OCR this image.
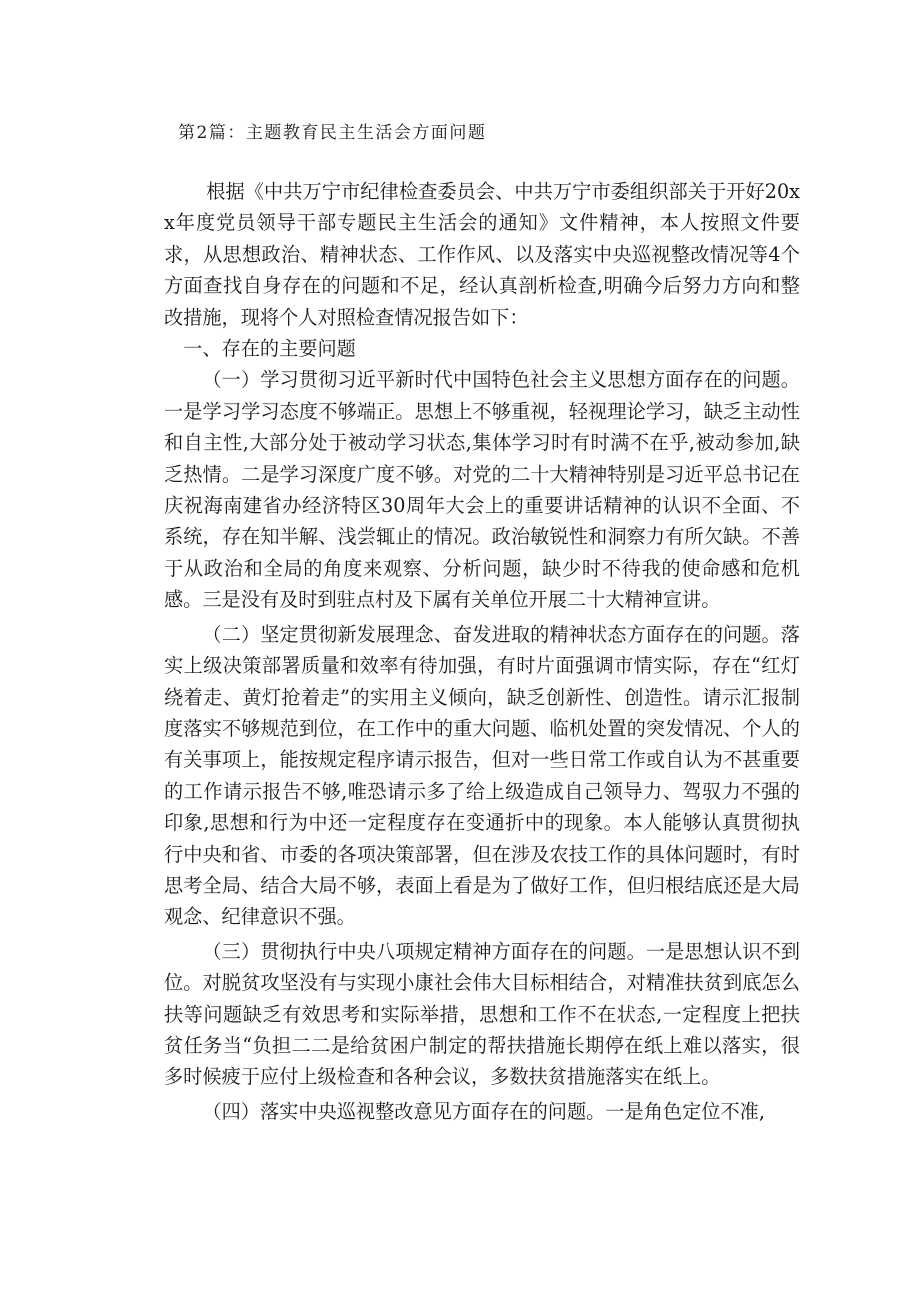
第2篇：主题教育民主生活会方面问题

根据《中共万宁市纪律检查委员会、中共万宁市委组织部关于开好20xx年度党员领导干部专题民主生活会的通知》文件精神，本人按照文件要求，从思想政治、精神状态、工作作风、以及落实中央巡视整改情况等4个方面查找自身存在的问题和不足，经认真剖析检查,明确今后努力方向和整改措施，现将个人对照检查情况报告如下：

一、存在的主要问题

（一）学习贯彻习近平新时代中国特色社会主义思想方面存在的问题。一是学习学习态度不够端正。思想上不够重视，轻视理论学习，缺乏主动性和自主性,大部分处于被动学习状态,集体学习时有时满不在乎,被动参加,缺乏热情。二是学习深度广度不够。对党的二十大精神特别是习近平总书记在庆祝海南建省办经济特区30周年大会上的重要讲话精神的认识不全面、不系统，存在知半解、浅尝辄止的情况。政治敏锐性和洞察力有所欠缺。不善于从政治和全局的角度来观察、分析问题，缺少时不待我的使命感和危机感。三是没有及时到驻点村及下属有关单位开展二十大精神宣讲。

（二）坚定贯彻新发展理念、奋发进取的精神状态方面存在的问题。落实上级决策部署质量和效率有待加强，有时片面强调市情实际，存在“红灯绕着走、黄灯抢着走”的实用主义倾向，缺乏创新性、创造性。请示汇报制度落实不够规范到位，在工作中的重大问题、临机处置的突发情况、个人的有关事项上，能按规定程序请示报告，但对一些日常工作或自认为不甚重要的工作请示报告不够,唯恐请示多了给上级造成自己领导力、驾驭力不强的印象,思想和行为中还一定程度存在变通折中的现象。本人能够认真贯彻执行中央和省、市委的各项决策部署，但在涉及农技工作的具体问题时，有时思考全局、结合大局不够，表面上看是为了做好工作，但归根结底还是大局观念、纪律意识不强。

（三）贯彻执行中央八项规定精神方面存在的问题。一是思想认识不到位。对脱贫攻坚没有与实现小康社会伟大目标相结合，对精准扶贫到底怎么扶等问题缺乏有效思考和实际举措，思想和工作不在状态,一定程度上把扶贫任务当“负担二二是给贫困户制定的帮扶措施长期停在纸上难以落实，很多时候疲于应付上级检查和各种会议，多数扶贫措施落实在纸上。

（四）落实中央巡视整改意见方面存在的问题。一是角色定位不准,
